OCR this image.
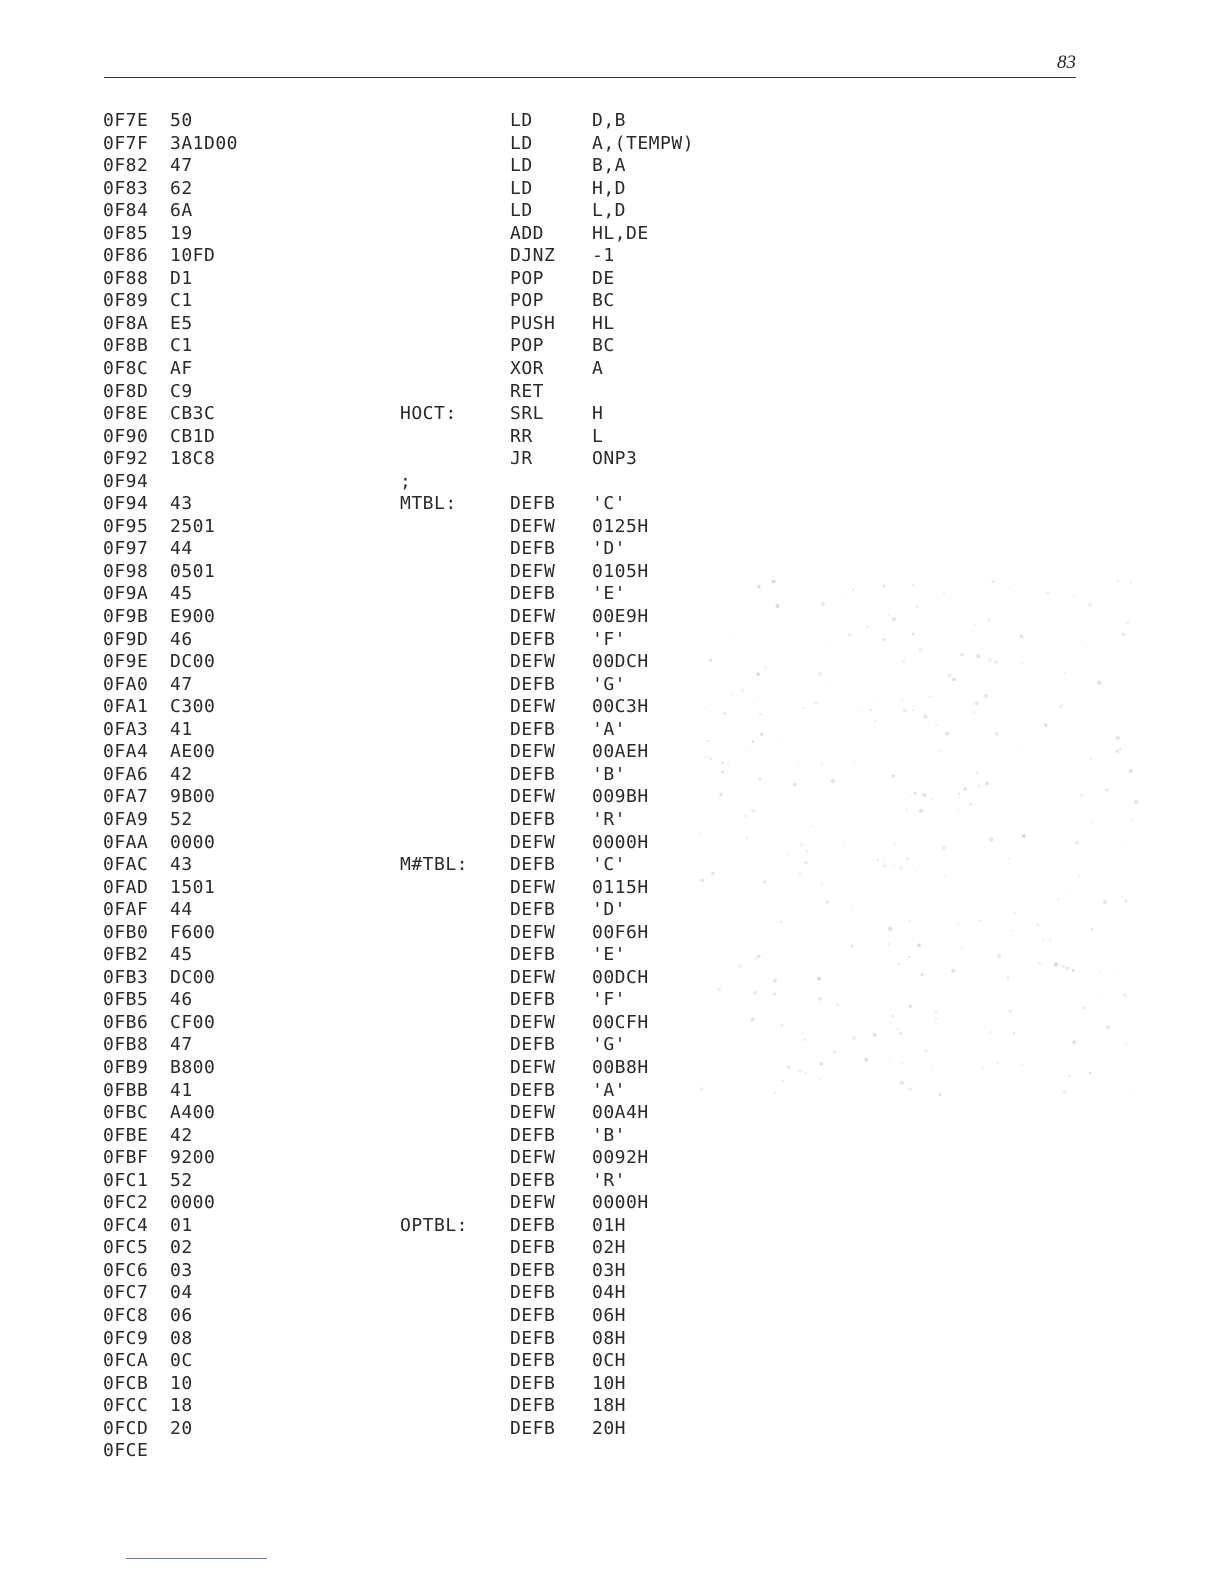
83
0F7E 50	LD	D,B
0F7F 3A1D00	LD	A,(TEMPW)
0F82 47	LD	B,A
0F83 62	LD	H,D
0F84 6A	LD	L,D
0F85 19	ADD	HL,DE
0F86 10FD	DJNZ -1
0F88 D1	POP	DE
0F89 C1	POP	BC
0F8A E5	PUSH HL
0F8B C1	POP	BC
0F8C AF	XOR	A
0F8D C9	RET
0F8E CB3C	HOCT:	SRL	H
0F90 CB1D	RR	L
0F92 18C8	JR	ONP3
0F94	;
0F94 43	MTBL:	DEFB 'C'
0F95 2501	DEFW 0125H
0F97 44	DEFB 'D'
0F98 0501	DEFW 0105H
0F9A 45	DEFB 'E'
0F9B E900	DEFW 00E9H
0F9D 46	DEFB 'F'
0F9E DC00	DEFW 00DCH
0FA0 47	DEFB 'G'
0FA1 C300	DEFW 00C3H
0FA3 41	DEFB 'A'
0FA4 AE00	DEFW 00AEH
0FA6 42	DEFB 'B'
0FA7 9B00	DEFW 009BH
0FA9 52	DEFB 'R'
0FAA 0000	DEFW 0000H
0FAC 43	M#TBL: DEFB 'C'
0FAD 1501	DEFW 0115H
0FAF 44	DEFB 'D'
0FB0 F600	DEFW 00F6H
0FB2 45	DEFB 'E'
0FB3 DC00	DEFW 00DCH
0FB5 46	DEFB 'F'
0FB6 CF00	DEFW 00CFH
0FB8 47	DEFB 'G'
0FB9 B800	DEFW 00B8H
0FBB 41	DEFB 'A'
0FBC A400	DEFW 00A4H
0FBE 42	DEFB 'B'
0FBF 9200	DEFW 0092H
0FC1 52	DEFB 'R'
0FC2 0000	DEFW 0000H
0FC4 01	OPTBL: DEFB 01H
0FC5 02	DEFB 02H
0FC6 03	DEFB 03H
0FC7 04	DEFB 04H
0FC8 06	DEFB 06H
0FC9 08	DEFB 08H
0FCA 0C	DEFB 0CH
0FCB 10	DEFB 10H
0FCC 18	DEFB 18H
0FCD 20	DEFB 20H
0FCE
